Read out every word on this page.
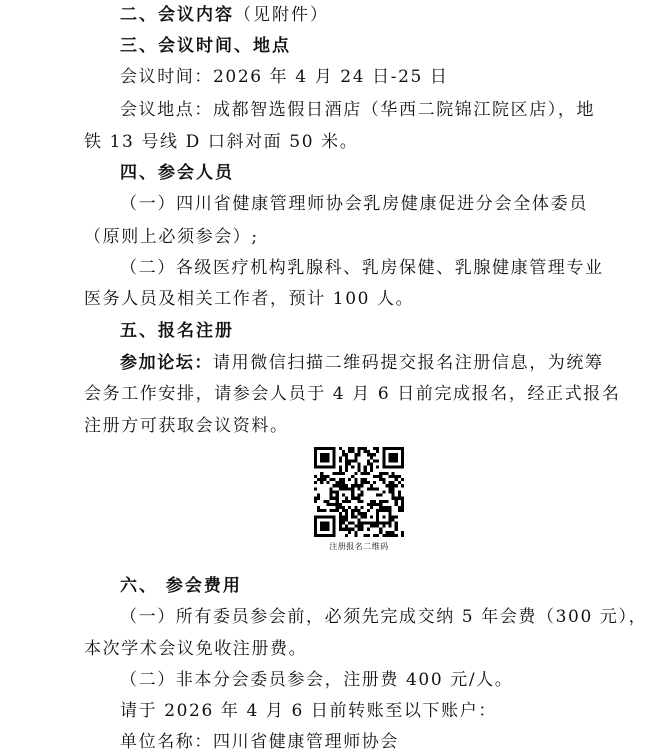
二、会议内容（见附件）
三、会议时间、地点
会议时间：2026 年 4 月 24 日-25 日
会议地点：成都智选假日酒店（华西二院锦江院区店），地
铁 13 号线 D 口斜对面 50 米。
四、参会人员
（一）四川省健康管理师协会乳房健康促进分会全体委员
（原则上必须参会）;
（二）各级医疗机构乳腺科、乳房保健、乳腺健康管理专业
医务人员及相关工作者，预计 100 人。
五、报名注册
参加论坛：请用微信扫描二维码提交报名注册信息，为统筹
会务工作安排，请参会人员于 4 月 6 日前完成报名，经正式报名
注册方可获取会议资料。
注册报名二维码
六、 参会费用
（一）所有委员参会前，必须先完成交纳 5 年会费（300 元），
本次学术会议免收注册费。
（二）非本分会委员参会，注册费 400 元/人。
请于 2026 年 4 月 6 日前转账至以下账户：
单位名称：四川省健康管理师协会
